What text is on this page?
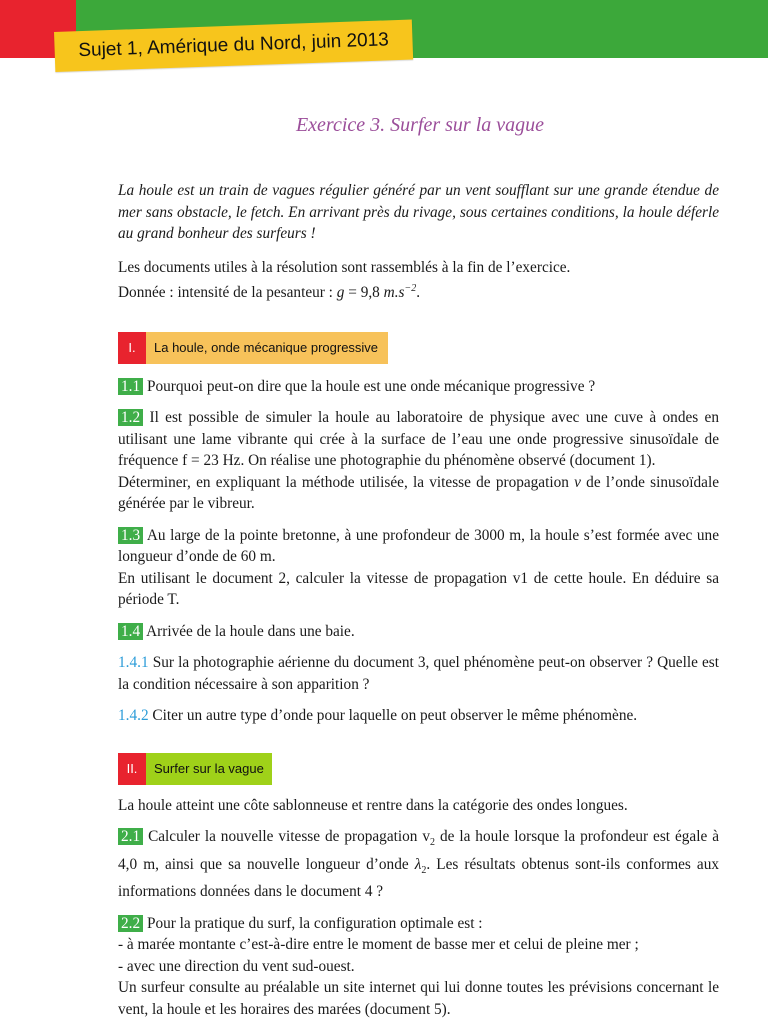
Sujet 1, Amérique du Nord, juin 2013
Exercice 3. Surfer sur la vague

La houle est un train de vagues régulier généré par un vent soufflant sur une grande étendue de mer sans obstacle, le fetch. En arrivant près du rivage, sous certaines conditions, la houle déferle au grand bonheur des surfeurs !

Les documents utiles à la résolution sont rassemblés à la fin de l’exercice.

Donnée : intensité de la pesanteur : g = 9,8 $m.s^{-2}$.

I.	La houle, onde mécanique progressive

1.1 Pourquoi peut-on dire que la houle est une onde mécanique progressive ?

1.2 Il est possible de simuler la houle au laboratoire de physique avec une cuve à ondes en utilisant une lame vibrante qui crée à la surface de l’eau une onde progressive sinusoïdale de fréquence f = 23 Hz. On réalise une photographie du phénomène observé (document 1).

Déterminer, en expliquant la méthode utilisée, la vitesse de propagation v de l’onde sinusoïdale générée par le vibreur.

1.3 Au large de la pointe bretonne, à une profondeur de 3000 m, la houle s’est formée avec une longueur d’onde de 60 m.

En utilisant le document 2, calculer la vitesse de propagation v1 de cette houle. En déduire sa période T.

1.4 Arrivée de la houle dans une baie.

1.4.1 Sur la photographie aérienne du document 3, quel phénomène peut-on observer ? Quelle est la condition nécessaire à son apparition ?

1.4.2 Citer un autre type d’onde pour laquelle on peut observer le même phénomène.

II.	Surfer sur la vague

La houle atteint une côte sablonneuse et rentre dans la catégorie des ondes longues.

2.1 Calculer la nouvelle vitesse de propagation $v_2$ de la houle lorsque la profondeur est égale à 4,0 m, ainsi que sa nouvelle longueur d’onde $\lambda_2$. Les résultats obtenus sont-ils conformes aux informations données dans le document 4 ?

2.2 Pour la pratique du surf, la configuration optimale est :

- à marée montante c’est-à-dire entre le moment de basse mer et celui de pleine mer ;

- avec une direction du vent sud-ouest.

Un surfeur consulte au préalable un site internet qui lui donne toutes les prévisions concernant le vent, la houle et les horaires des marées (document 5).
